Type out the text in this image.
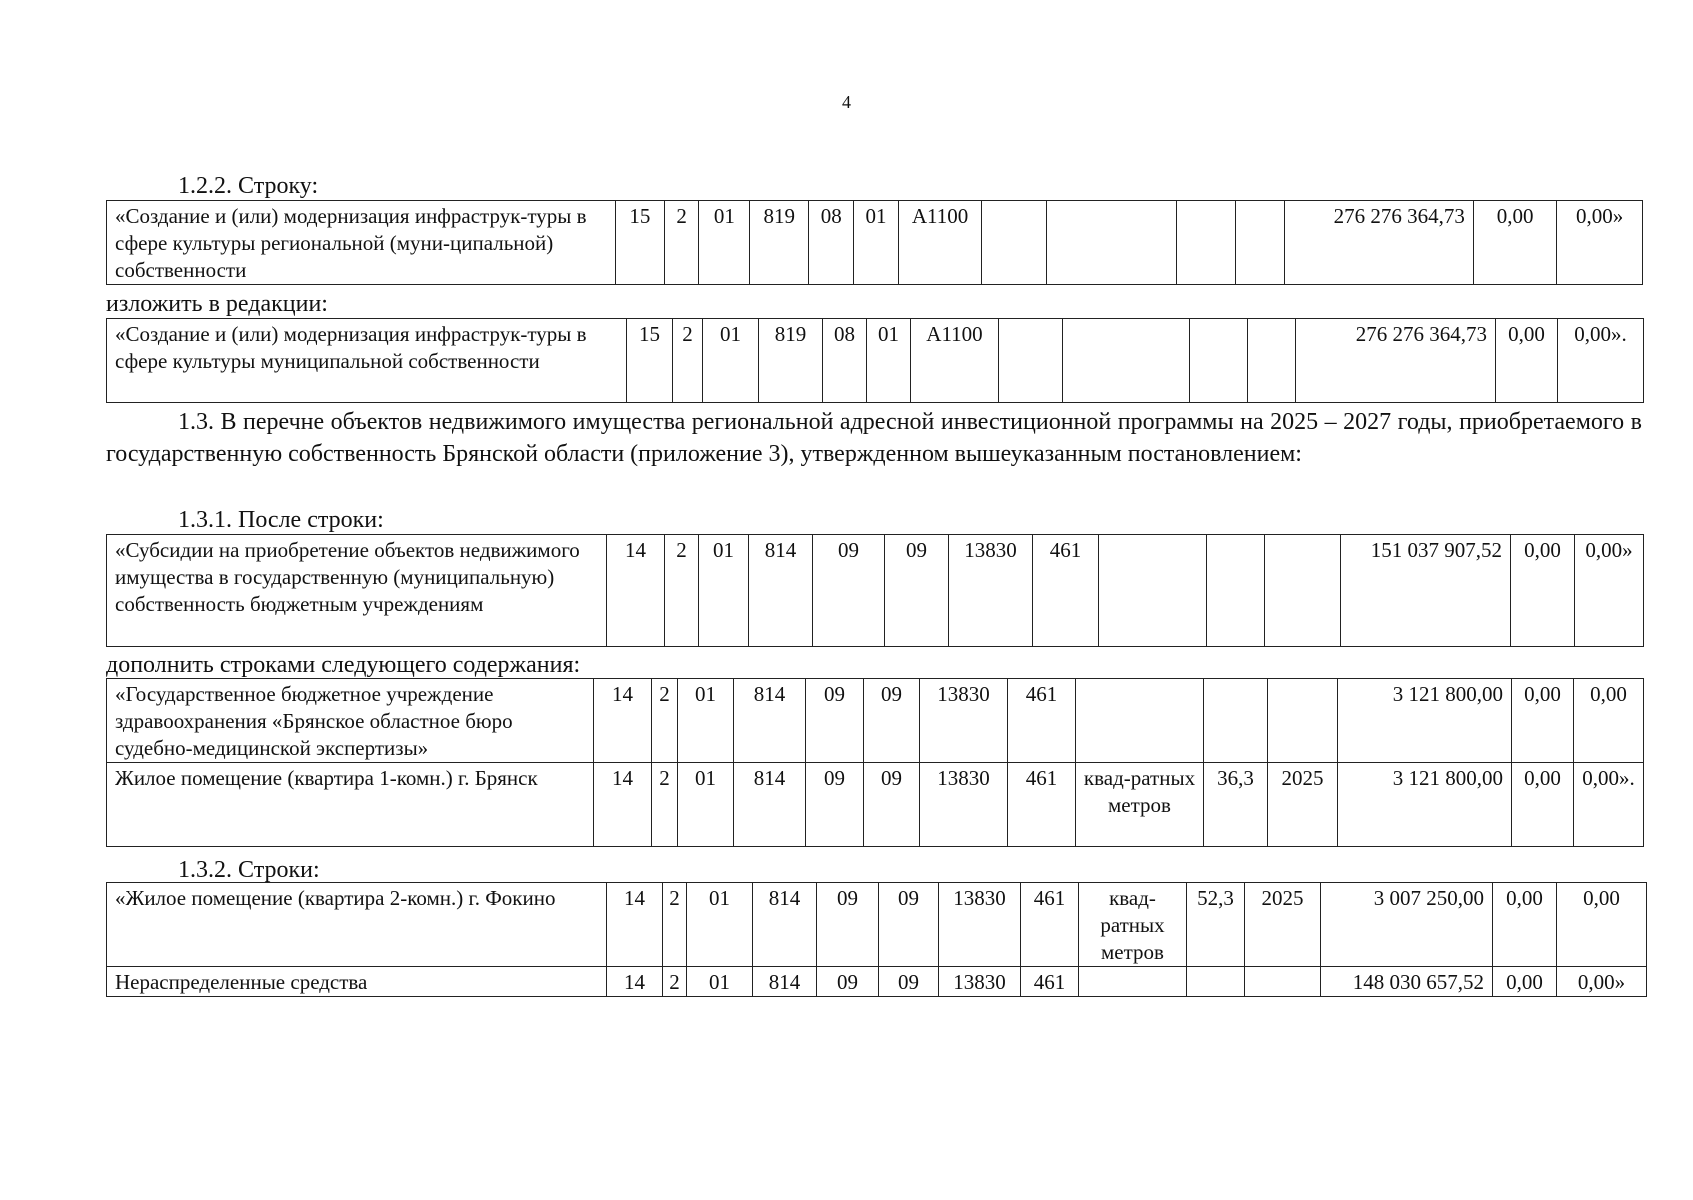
4
1.2.2. Строку:
«Создание и (или) модернизация инфраструк-туры в сфере культуры региональной (муни-ципальной) собственности	15	2	01	819	08	01	А1100					276 276 364,73	0,00	0,00»
изложить в редакции:
«Создание и (или) модернизация инфраструк-туры в сфере культуры муниципальной собственности	15	2	01	819	08	01	А1100					276 276 364,73	0,00	0,00».
1.3. В перечне объектов недвижимого имущества региональной адресной инвестиционной программы на 2025 – 2027 годы, приобретаемого в государственную собственность Брянской области (приложение 3), утвержденном вышеуказанным постановлением:
1.3.1. После строки:
«Субсидии на приобретение объектов недвижимого имущества в государственную (муниципальную) собственность бюджетным учреждениям	14	2	01	814	09	09	13830	461				151 037 907,52	0,00	0,00»
дополнить строками следующего содержания:
«Государственное бюджетное учреждение здравоохранения «Брянское областное бюро судебно-медицинской экспертизы»	14	2	01	814	09	09	13830	461				3 121 800,00	0,00	0,00
Жилое помещение (квартира 1-комн.) г. Брянск	14	2	01	814	09	09	13830	461	квад-ратных метров	36,3	2025	3 121 800,00	0,00	0,00».
1.3.2. Строки:
«Жилое помещение (квартира 2-комн.) г. Фокино	14	2	01	814	09	09	13830	461	квад-ратных метров	52,3	2025	3 007 250,00	0,00	0,00
Нераспределенные средства	14	2	01	814	09	09	13830	461				148 030 657,52	0,00	0,00»
